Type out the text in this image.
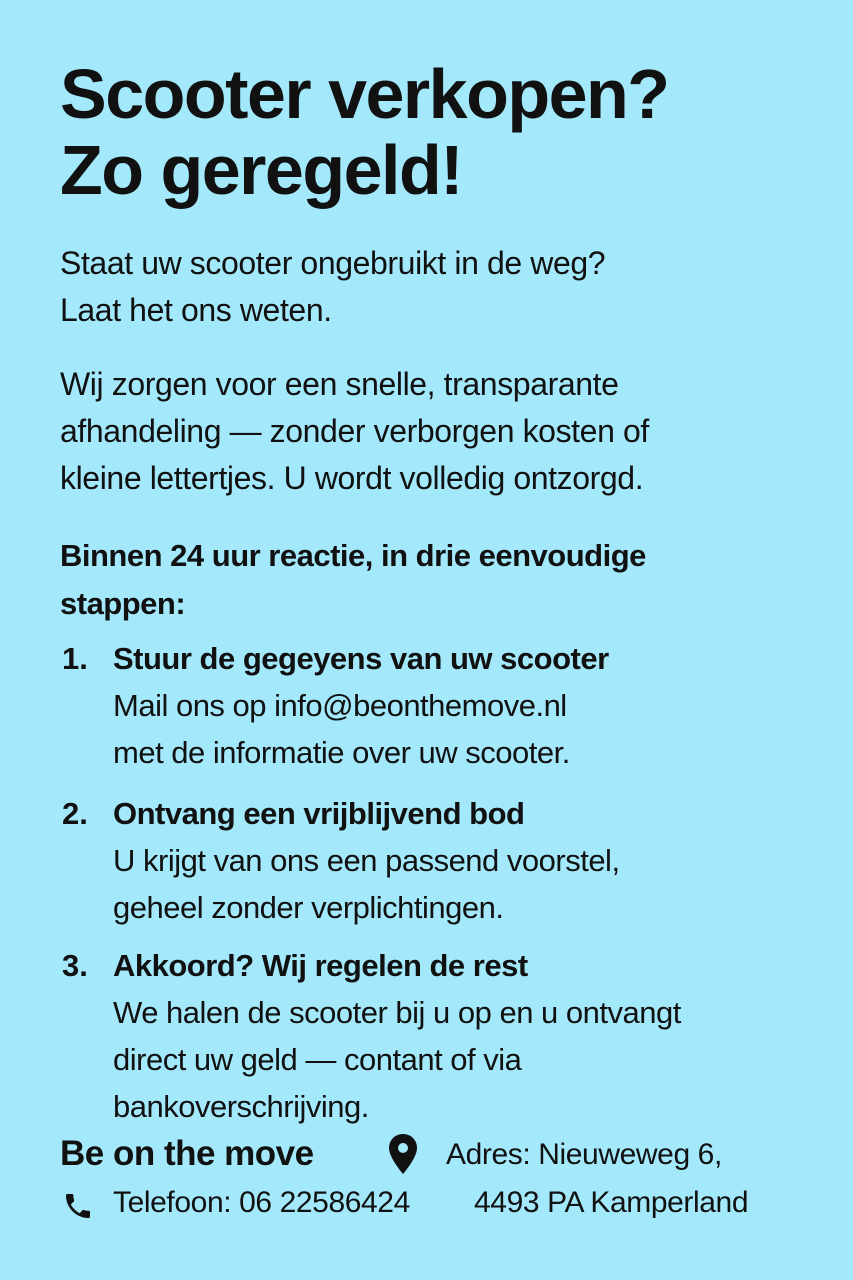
Scooter verkopen?
Zo geregeld!
Staat uw scooter ongebruikt in de weg?
Laat het ons weten.
Wij zorgen voor een snelle, transparante
afhandeling — zonder verborgen kosten of
kleine lettertjes. U wordt volledig ontzorgd.
Binnen 24 uur reactie, in drie eenvoudige
stappen:
1. Stuur de gegeyens van uw scooter
Mail ons op info@beonthemove.nl
met de informatie over uw scooter.
2. Ontvang een vrijblijvend bod
U krijgt van ons een passend voorstel,
geheel zonder verplichtingen.
3. Akkoord? Wij regelen de rest
We halen de scooter bij u op en u ontvangt
direct uw geld — contant of via
bankoverschrijving.
Be on the move	Adres: Nieuweweg 6,
Telefoon: 06 22586424 4493 PA Kamperland
